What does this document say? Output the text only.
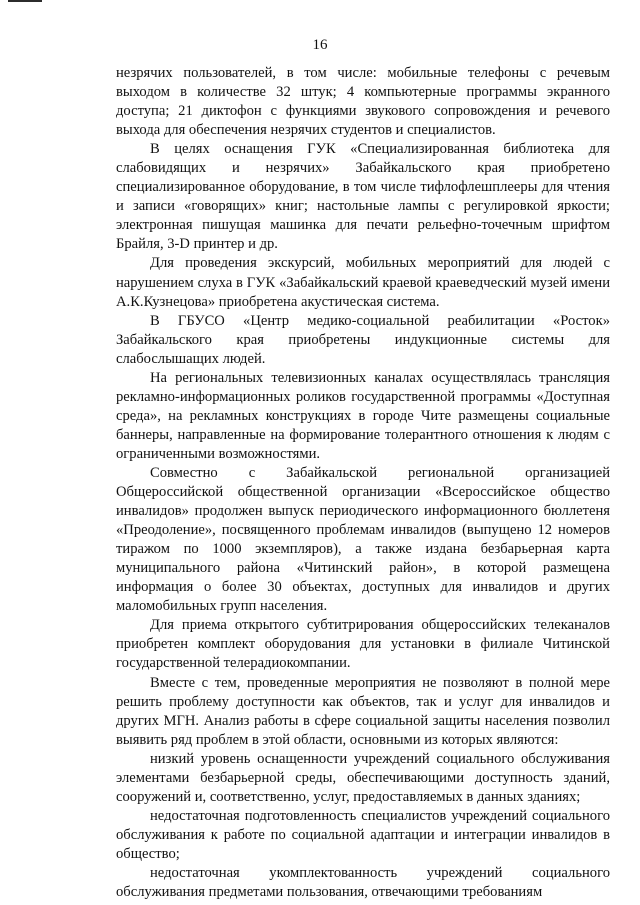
16

незрячих пользователей, в том числе: мобильные телефоны с речевым выходом в количестве 32 штук; 4 компьютерные программы экранного доступа; 21 диктофон с функциями звукового сопровождения и речевого выхода для обеспечения незрячих студентов и специалистов.

В целях оснащения ГУК «Специализированная библиотека для слабовидящих и незрячих» Забайкальского края приобретено специализированное оборудование, в том числе тифлофлешплееры для чтения и записи «говорящих» книг; настольные лампы с регулировкой яркости; электронная пишущая машинка для печати рельефно-точечным шрифтом Брайля, 3-D принтер и др.

Для проведения экскурсий, мобильных мероприятий для людей с нарушением слуха в ГУК «Забайкальский краевой краеведческий музей имени А.К.Кузнецова» приобретена акустическая система.

В ГБУСО «Центр медико-социальной реабилитации «Росток» Забайкальского края приобретены индукционные системы для слабослышащих людей.

На региональных телевизионных каналах осуществлялась трансляция рекламно-информационных роликов государственной программы «Доступная среда», на рекламных конструкциях в городе Чите размещены социальные баннеры, направленные на формирование толерантного отношения к людям с ограниченными возможностями.

Совместно с Забайкальской региональной организацией Общероссийской общественной организации «Всероссийское общество инвалидов» продолжен выпуск периодического информационного бюллетеня «Преодоление», посвященного проблемам инвалидов (выпущено 12 номеров тиражом по 1000 экземпляров), а также издана безбарьерная карта муниципального района «Читинский район», в которой размещена информация о более 30 объектах, доступных для инвалидов и других маломобильных групп населения.

Для приема открытого субтитрирования общероссийских телеканалов приобретен комплект оборудования для установки в филиале Читинской государственной телерадиокомпании.

Вместе с тем, проведенные мероприятия не позволяют в полной мере решить проблему доступности как объектов, так и услуг для инвалидов и других МГН. Анализ работы в сфере социальной защиты населения позволил выявить ряд проблем в этой области, основными из которых являются:

низкий уровень оснащенности учреждений социального обслуживания элементами безбарьерной среды, обеспечивающими доступность зданий, сооружений и, соответственно, услуг, предоставляемых в данных зданиях;

недостаточная подготовленность специалистов учреждений социального обслуживания к работе по социальной адаптации и интеграции инвалидов в общество;

недостаточная укомплектованность учреждений социального обслуживания предметами пользования, отвечающими требованиям
